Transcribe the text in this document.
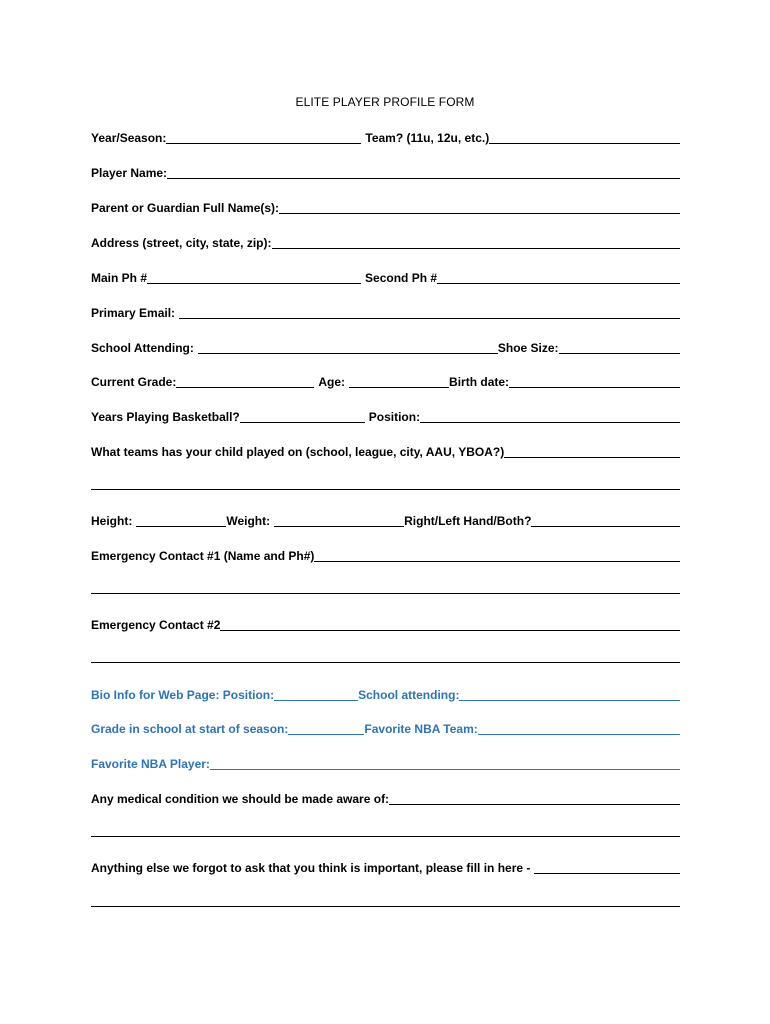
ELITE PLAYER PROFILE FORM
Year/Season:	Team? (11u, 12u, etc.)
Player Name:
Parent or Guardian Full Name(s):
Address (street, city, state, zip):
Main Ph #	Second Ph #
Primary Email:
School Attending:	Shoe Size:
Current Grade:	Age:	Birth date:
Years Playing Basketball?	Position:
What teams has your child played on (school, league, city, AAU, YBOA?)
Height:	Weight:	Right/Left Hand/Both?
Emergency Contact #1 (Name and Ph#)
Emergency Contact #2
Bio Info for Web Page: Position:	School attending:
Grade in school at start of season:	Favorite NBA Team:
Favorite NBA Player:
Any medical condition we should be made aware of:
Anything else we forgot to ask that you think is important, please fill in here -
